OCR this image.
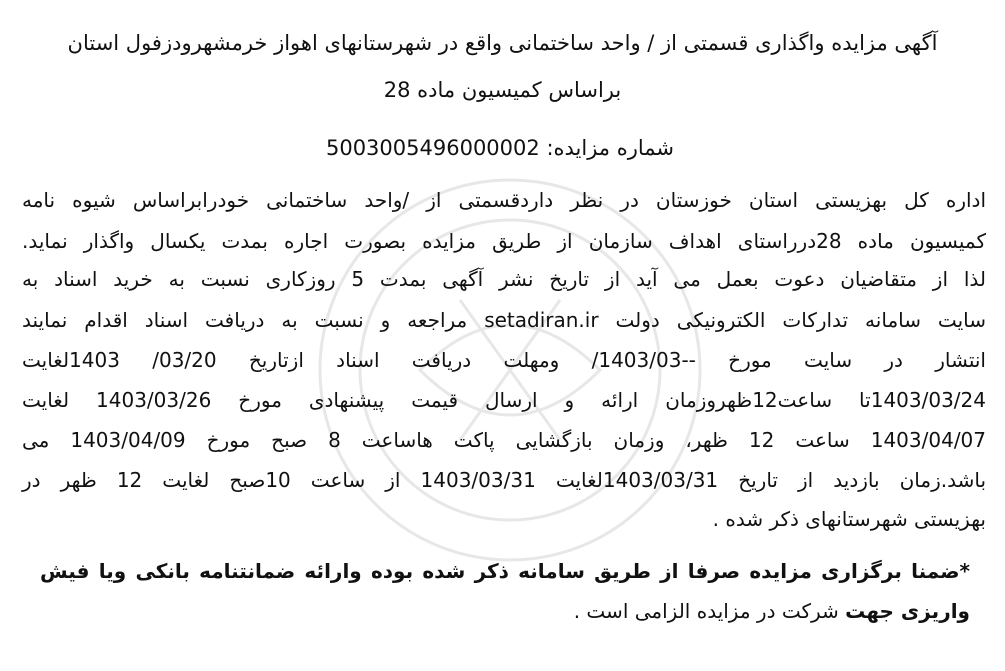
آگهی مزایده واگذاری قسمتی از / واحد ساختمانی واقع در شهرستانهای اهواز خرمشهرودزفول استان
براساس کمیسیون ماده 28
شماره مزایده: 5003005496000002
اداره کل بهزیستی استان خوزستان در نظر داردقسمتی از /واحد ساختمانی خودرابراساس شیوه نامه
کمیسیون ماده 28درراستای اهداف سازمان از طریق مزایده بصورت اجاره بمدت یکسال واگذار نماید.
لذا از متقاضیان دعوت بعمل می آید از تاریخ نشر آگهی بمدت 5 روزکاری نسبت به خرید اسناد به
سایت سامانه تدارکات الکترونیکی دولت setadiran.ir مراجعه و نسبت به دریافت اسناد اقدام نمایند
انتشار در سایت مورخ --1403/03/ ومهلت دریافت اسناد ازتاریخ 03/20/ 1403لغایت
1403/03/24تا ساعت12ظهروزمان ارائه و ارسال قیمت پیشنهادی مورخ 1403/03/26 لغایت
1403/04/07 ساعت 12 ظهر، وزمان بازگشایی پاکت هاساعت 8 صبح مورخ 1403/04/09 می
باشد.زمان بازدید از تاریخ 1403/03/31لغایت 1403/03/31 از ساعت 10صبح لغایت 12 ظهر در
بهزیستی شهرستانهای ذکر شده .
*ضمنا برگزاری مزایده صرفا از طریق سامانه ذکر شده بوده وارائه ضمانتنامه بانکی ویا فیش
واریزی جهت شرکت در مزایده الزامی است .
